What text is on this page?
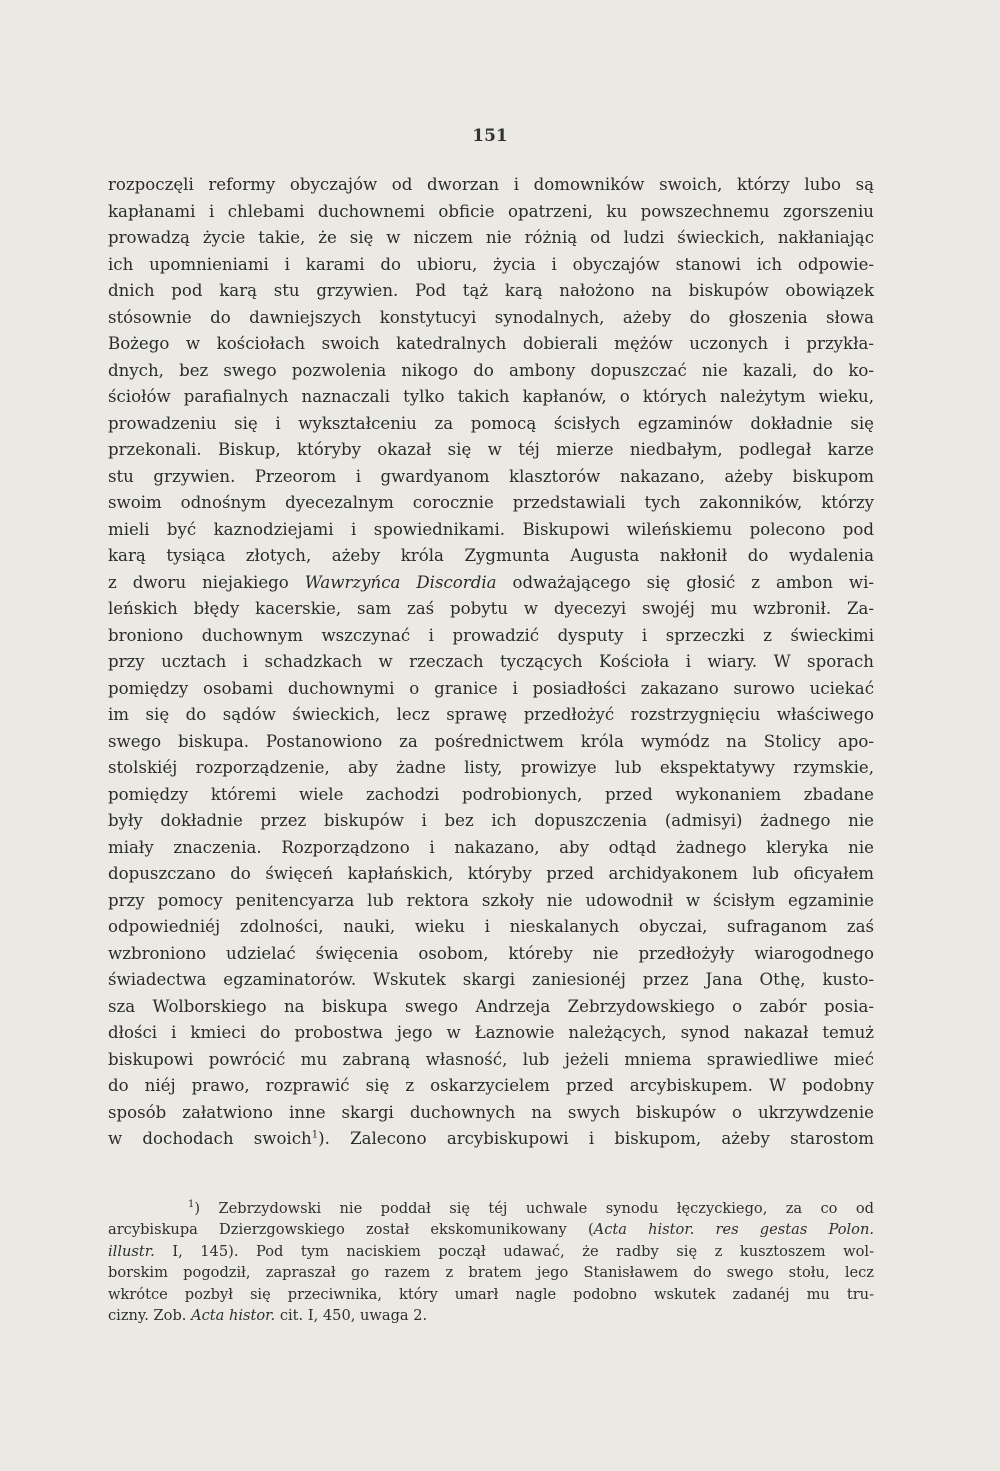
151
rozpoczęli reformy obyczajów od dworzan i domowników swoich, którzy lubo są
kapłanami i chlebami duchownemi obficie opatrzeni, ku powszechnemu zgorszeniu
prowadzą życie takie, że się w niczem nie różnią od ludzi świeckich, nakłaniając
ich upomnieniami i karami do ubioru, życia i obyczajów stanowi ich odpowie-
dnich pod karą stu grzywien. Pod tąż karą nałożono na biskupów obowiązek
stósownie do dawniejszych konstytucyi synodalnych, ażeby do głoszenia słowa
Bożego w kościołach swoich katedralnych dobierali mężów uczonych i przykła-
dnych, bez swego pozwolenia nikogo do ambony dopuszczać nie kazali, do ko-
ściołów parafialnych naznaczali tylko takich kapłanów, o których należytym wieku,
prowadzeniu się i wykształceniu za pomocą ścisłych egzaminów dokładnie się
przekonali. Biskup, któryby okazał się w téj mierze niedbałym, podlegał karze
stu grzywien. Przeorom i gwardyanom klasztorów nakazano, ażeby biskupom
swoim odnośnym dyecezalnym corocznie przedstawiali tych zakonników, którzy
mieli być kaznodziejami i spowiednikami. Biskupowi wileńskiemu polecono pod
karą tysiąca złotych, ażeby króla Zygmunta Augusta nakłonił do wydalenia
z dworu niejakiego Wawrzyńca Discordia odważającego się głosić z ambon wi-
leńskich błędy kacerskie, sam zaś pobytu w dyecezyi swojéj mu wzbronił. Za-
broniono duchownym wszczynać i prowadzić dysputy i sprzeczki z świeckimi
przy ucztach i schadzkach w rzeczach tyczących Kościoła i wiary. W sporach
pomiędzy osobami duchownymi o granice i posiadłości zakazano surowo uciekać
im się do sądów świeckich, lecz sprawę przedłożyć rozstrzygnięciu właściwego
swego biskupa. Postanowiono za pośrednictwem króla wymódz na Stolicy apo-
stolskiéj rozporządzenie, aby żadne listy, prowizye lub ekspektatywy rzymskie,
pomiędzy któremi wiele zachodzi podrobionych, przed wykonaniem zbadane
były dokładnie przez biskupów i bez ich dopuszczenia (admisyi) żadnego nie
miały znaczenia. Rozporządzono i nakazano, aby odtąd żadnego kleryka nie
dopuszczano do święceń kapłańskich, któryby przed archidyakonem lub oficyałem
przy pomocy penitencyarza lub rektora szkoły nie udowodnił w ścisłym egzaminie
odpowiedniéj zdolności, nauki, wieku i nieskalanych obyczai, sufraganom zaś
wzbroniono udzielać święcenia osobom, któreby nie przedłożyły wiarogodnego
świadectwa egzaminatorów. Wskutek skargi zaniesionéj przez Jana Othę, kusto-
sza Wolborskiego na biskupa swego Andrzeja Zebrzydowskiego o zabór posia-
dłości i kmieci do probostwa jego w Łaznowie należących, synod nakazał temuż
biskupowi powrócić mu zabraną własność, lub jeżeli mniema sprawiedliwe mieć
do niéj prawo, rozprawić się z oskarzycielem przed arcybiskupem. W podobny
sposób załatwiono inne skargi duchownych na swych biskupów o ukrzywdzenie
w dochodach swoich$^1$). Zalecono arcybiskupowi i biskupom, ażeby starostom
$^1$) Zebrzydowski nie poddał się téj uchwale synodu łęczyckiego, za co od
arcybiskupa Dzierzgowskiego został ekskomunikowany (Acta histor. res gestas Polon.
illustr. I, 145). Pod tym naciskiem począł udawać, że radby się z kusztoszem wol-
borskim pogodził, zapraszał go razem z bratem jego Stanisławem do swego stołu, lecz
wkrótce pozbył się przeciwnika, który umarł nagle podobno wskutek zadanéj mu tru-
cizny. Zob. Acta histor. cit. I, 450, uwaga 2.
